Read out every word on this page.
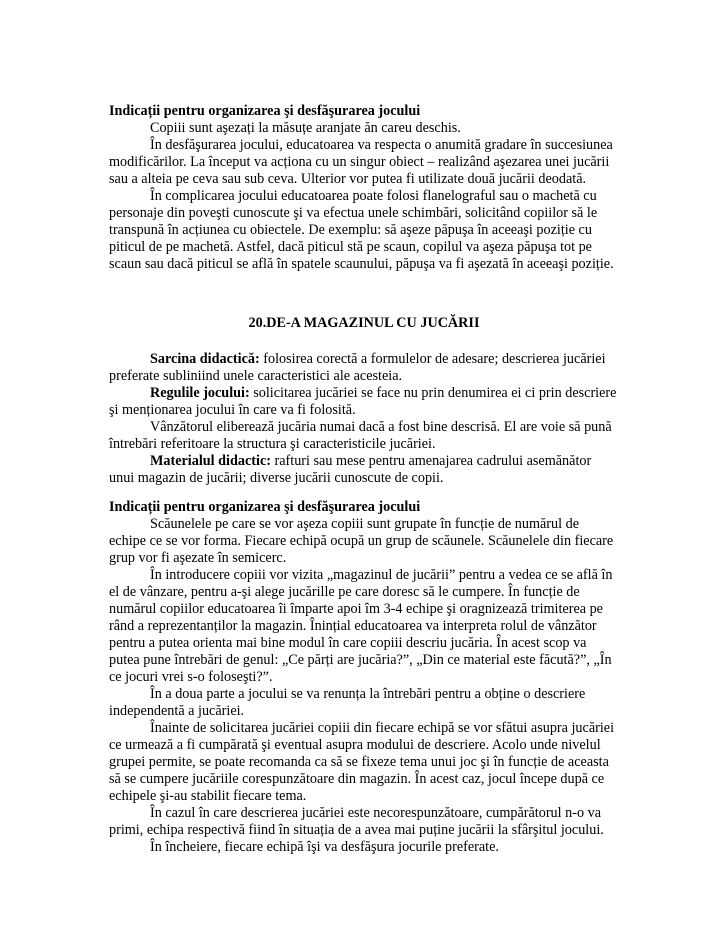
Indicații pentru organizarea şi desfăşurarea jocului
Copiii sunt aşezați la măsuțe aranjate ăn careu deschis.
În desfăşurarea jocului, educatoarea va respecta o anumită gradare în succesiunea
modificărilor. La început va acționa cu un singur obiect – realizând aşezarea unei jucării
sau a alteia pe ceva sau sub ceva. Ulterior vor putea fi utilizate două jucării deodată.
În complicarea jocului educatoarea poate folosi flanelograful sau o machetă cu
personaje din poveşti cunoscute şi va efectua unele schimbări, solicitând copiilor să le
transpună în acțiunea cu obiectele. De exemplu: să aşeze păpuşa în aceeaşi poziție cu
piticul de pe machetă. Astfel, dacă piticul stă pe scaun, copilul va aşeza păpuşa tot pe
scaun sau dacă piticul se află în spatele scaunului, păpuşa va fi aşezată în aceeaşi poziție.
20.DE-A MAGAZINUL CU JUCĂRII
Sarcina didactică: folosirea corectă a formulelor de adesare; descrierea jucăriei
preferate subliniind unele caracteristici ale acesteia.
Regulile jocului: solicitarea jucăriei se face nu prin denumirea ei ci prin descriere
şi menționarea jocului în care va fi folosită.
Vânzătorul eliberează jucăria numai dacă a fost bine descrisă. El are voie să pună
întrebări referitoare la structura şi caracteristicile jucăriei.
Materialul didactic: rafturi sau mese pentru amenajarea cadrului asemănător
unui magazin de jucării; diverse jucării cunoscute de copii.
Indicații pentru organizarea şi desfăşurarea jocului
Scăunelele pe care se vor aşeza copiii sunt grupate în funcție de numărul de
echipe ce se vor forma. Fiecare echipă ocupă un grup de scăunele. Scăunelele din fiecare
grup vor fi aşezate în semicerc.
În introducere copiii vor vizita „magazinul de jucării” pentru a vedea ce se află în
el de vânzare, pentru a-şi alege jucărille pe care doresc să le cumpere. În funcție de
numărul copiilor educatoarea îi împarte apoi îm 3-4 echipe şi oragnizează trimiterea pe
rând a reprezentanților la magazin. Înințial educatoarea va interpreta rolul de vânzător
pentru a putea orienta mai bine modul în care copiii descriu jucăria. În acest scop va
putea pune întrebări de genul: „Ce părți are jucăria?”, „Din ce material este făcută?”, „În
ce jocuri vrei s-o foloseşti?”.
În a doua parte a jocului se va renunța la întrebări pentru a obține o descriere
independentă a jucăriei.
Înainte de solicitarea jucăriei copiii din fiecare echipă se vor sfătui asupra jucăriei
ce urmează a fi cumpărată şi eventual asupra modului de descriere. Acolo unde nivelul
grupei permite, se poate recomanda ca să se fixeze tema unui joc şi în funcție de aceasta
să se cumpere jucăriile corespunzătoare din magazin. În acest caz, jocul începe după ce
echipele şi-au stabilit fiecare tema.
În cazul în care descrierea jucăriei este necorespunzătoare, cumpărătorul n-o va
primi, echipa respectivă fiind în situația de a avea mai puține jucării la sfârşitul jocului.
În încheiere, fiecare echipă îşi va desfăşura jocurile preferate.
